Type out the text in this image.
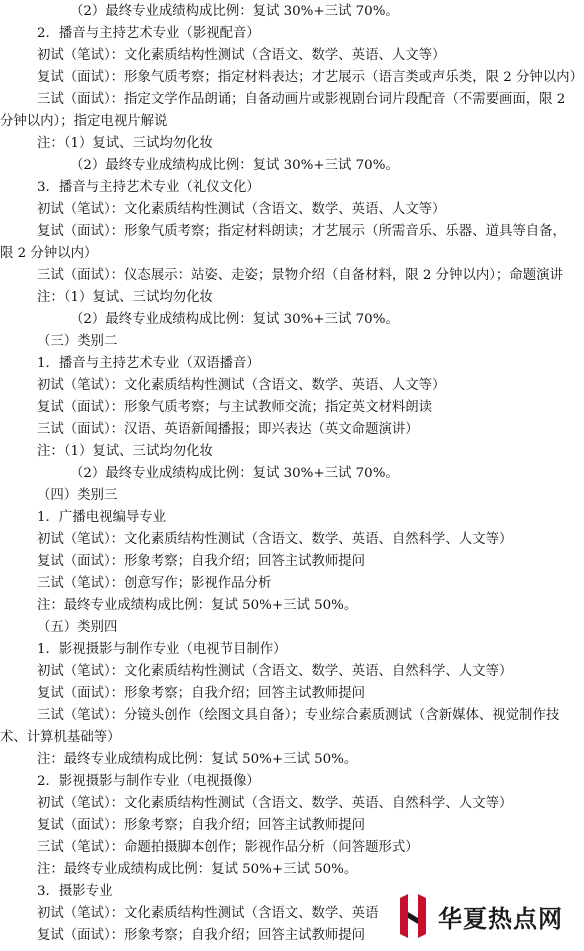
（2）最终专业成绩构成比例：复试 30%+三试 70%。
2．播音与主持艺术专业（影视配音）
初试（笔试）：文化素质结构性测试（含语文、数学、英语、人文等）
复试（面试）：形象气质考察；指定材料表达；才艺展示（语言类或声乐类，限 2 分钟以内）
三试（面试）：指定文学作品朗诵；自备动画片或影视剧台词片段配音（不需要画面，限 2
分钟以内）；指定电视片解说
注：（1）复试、三试均勿化妆
（2）最终专业成绩构成比例：复试 30%+三试 70%。
3．播音与主持艺术专业（礼仪文化）
初试（笔试）：文化素质结构性测试（含语文、数学、英语、人文等）
复试（面试）：形象气质考察；指定材料朗读；才艺展示（所需音乐、乐器、道具等自备，
限 2 分钟以内）
三试（面试）：仪态展示：站姿、走姿；景物介绍（自备材料，限 2 分钟以内）；命题演讲
注：（1）复试、三试均勿化妆
（2）最终专业成绩构成比例：复试 30%+三试 70%。
（三）类别二
1．播音与主持艺术专业（双语播音）
初试（笔试）：文化素质结构性测试（含语文、数学、英语、人文等）
复试（面试）：形象气质考察；与主试教师交流；指定英文材料朗读
三试（面试）：汉语、英语新闻播报；即兴表达（英文命题演讲）
注：（1）复试、三试均勿化妆
（2）最终专业成绩构成比例：复试 30%+三试 70%。
（四）类别三
1．广播电视编导专业
初试（笔试）：文化素质结构性测试（含语文、数学、英语、自然科学、人文等）
复试（面试）：形象考察；自我介绍；回答主试教师提问
三试（笔试）：创意写作；影视作品分析
注：最终专业成绩构成比例：复试 50%+三试 50%。
（五）类别四
1．影视摄影与制作专业（电视节目制作）
初试（笔试）：文化素质结构性测试（含语文、数学、英语、自然科学、人文等）
复试（面试）：形象考察；自我介绍；回答主试教师提问
三试（笔试）：分镜头创作（绘图文具自备）；专业综合素质测试（含新媒体、视觉制作技
术、计算机基础等）
注：最终专业成绩构成比例：复试 50%+三试 50%。
2．影视摄影与制作专业（电视摄像）
初试（笔试）：文化素质结构性测试（含语文、数学、英语、自然科学、人文等）
复试（面试）：形象考察；自我介绍；回答主试教师提问
三试（笔试）：命题拍摄脚本创作；影视作品分析（问答题形式）
注：最终专业成绩构成比例：复试 50%+三试 50%。
3．摄影专业
初试（笔试）：文化素质结构性测试（含语文、数学、英语
复试（面试）：形象考察；自我介绍；回答主试教师提问
华夏热点网
